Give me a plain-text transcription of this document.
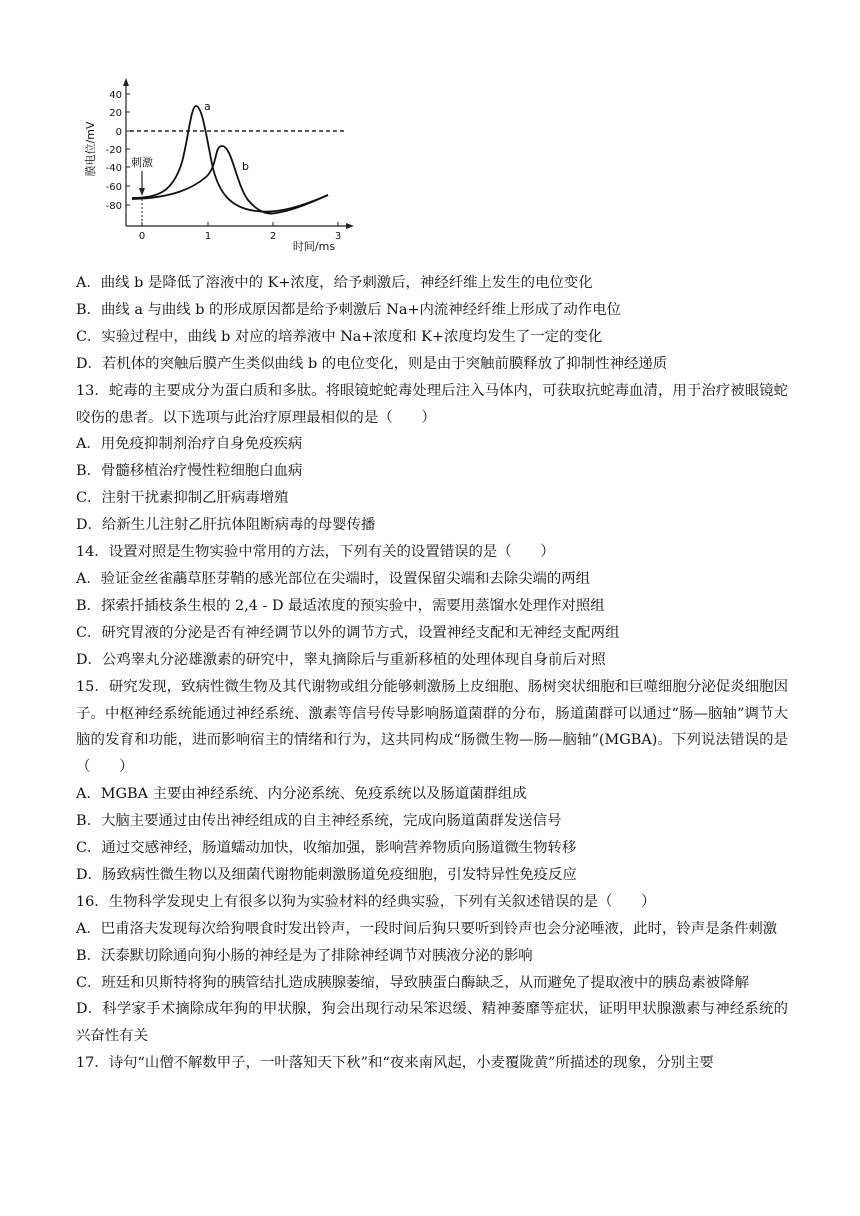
40
20
0
-20
-40
-60
-80
0	1	2	3
膜电位/mV
时间/ms
刺激
a
b
A．曲线 b 是降低了溶液中的 K+浓度，给予刺激后，神经纤维上发生的电位变化
B．曲线 a 与曲线 b 的形成原因都是给予刺激后 Na+内流神经纤维上形成了动作电位
C．实验过程中，曲线 b 对应的培养液中 Na+浓度和 K+浓度均发生了一定的变化
D．若机体的突触后膜产生类似曲线 b 的电位变化，则是由于突触前膜释放了抑制性神经递质
13．蛇毒的主要成分为蛋白质和多肽。将眼镜蛇蛇毒处理后注入马体内，可获取抗蛇毒血清，用于治疗被眼镜蛇咬伤的患者。以下选项与此治疗原理最相似的是（　　）
A．用免疫抑制剂治疗自身免疫疾病
B．骨髓移植治疗慢性粒细胞白血病
C．注射干扰素抑制乙肝病毒增殖
D．给新生儿注射乙肝抗体阻断病毒的母婴传播
14．设置对照是生物实验中常用的方法，下列有关的设置错误的是（　　）
A．验证金丝雀虉草胚芽鞘的感光部位在尖端时，设置保留尖端和去除尖端的两组
B．探索扦插枝条生根的 2,4 - D 最适浓度的预实验中，需要用蒸馏水处理作对照组
C．研究胃液的分泌是否有神经调节以外的调节方式，设置神经支配和无神经支配两组
D．公鸡睾丸分泌雄激素的研究中，睾丸摘除后与重新移植的处理体现自身前后对照
15．研究发现，致病性微生物及其代谢物或组分能够刺激肠上皮细胞、肠树突状细胞和巨噬细胞分泌促炎细胞因子。中枢神经系统能通过神经系统、激素等信号传导影响肠道菌群的分布，肠道菌群可以通过“肠—脑轴”调节大脑的发育和功能，进而影响宿主的情绪和行为，这共同构成“肠微生物—肠—脑轴”(MGBA)。下列说法错误的是（　　）
A．MGBA 主要由神经系统、内分泌系统、免疫系统以及肠道菌群组成
B．大脑主要通过由传出神经组成的自主神经系统，完成向肠道菌群发送信号
C．通过交感神经，肠道蠕动加快，收缩加强，影响营养物质向肠道微生物转移
D．肠致病性微生物以及细菌代谢物能刺激肠道免疫细胞，引发特异性免疫反应
16．生物科学发现史上有很多以狗为实验材料的经典实验，下列有关叙述错误的是（　　）
A．巴甫洛夫发现每次给狗喂食时发出铃声，一段时间后狗只要听到铃声也会分泌唾液，此时，铃声是条件刺激
B．沃泰默切除通向狗小肠的神经是为了排除神经调节对胰液分泌的影响
C．班廷和贝斯特将狗的胰管结扎造成胰腺萎缩，导致胰蛋白酶缺乏，从而避免了提取液中的胰岛素被降解
D．科学家手术摘除成年狗的甲状腺，狗会出现行动呆笨迟缓、精神萎靡等症状，证明甲状腺激素与神经系统的兴奋性有关
17．诗句“山僧不解数甲子，一叶落知天下秋”和“夜来南风起，小麦覆陇黄”所描述的现象，分别主要
